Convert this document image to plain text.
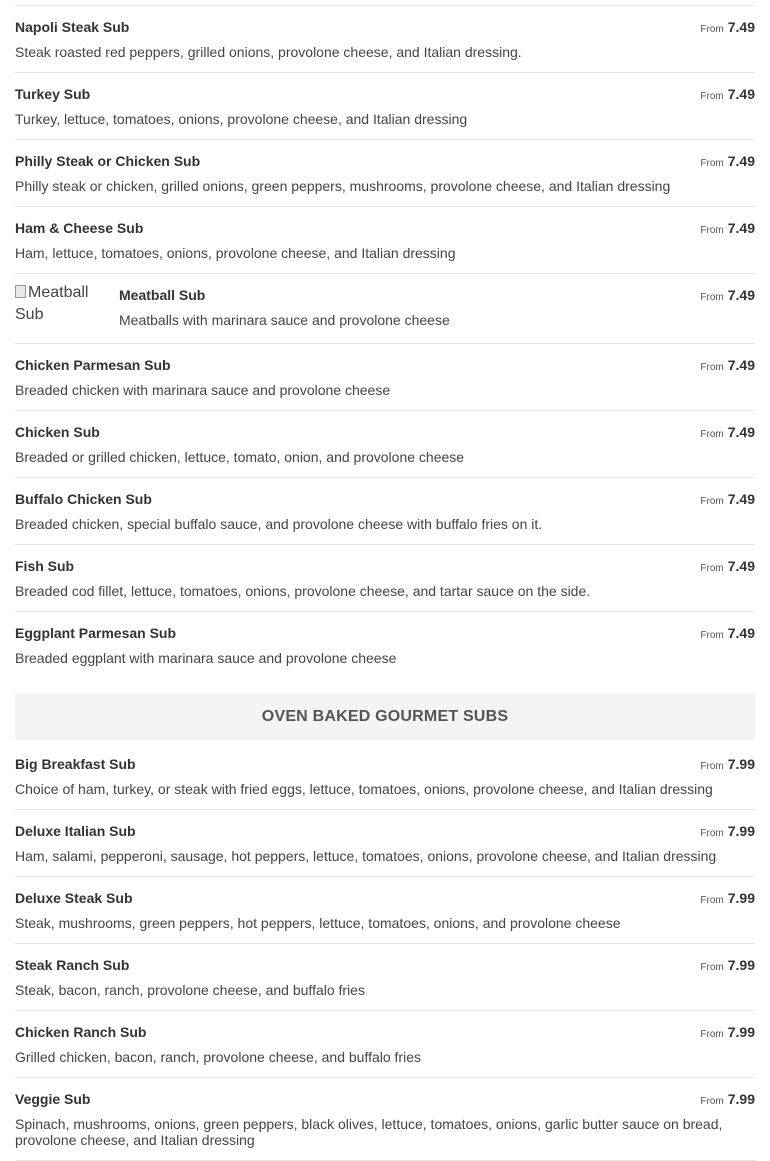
Napoli Steak Sub	From 7.49
Steak roasted red peppers, grilled onions, provolone cheese, and Italian dressing.
Turkey Sub	From 7.49
Turkey, lettuce, tomatoes, onions, provolone cheese, and Italian dressing
Philly Steak or Chicken Sub	From 7.49
Philly steak or chicken, grilled onions, green peppers, mushrooms, provolone cheese, and Italian dressing
Ham & Cheese Sub	From 7.49
Ham, lettuce, tomatoes, onions, provolone cheese, and Italian dressing
Meatball Sub
Meatball Sub	From 7.49
Meatballs with marinara sauce and provolone cheese
Chicken Parmesan Sub	From 7.49
Breaded chicken with marinara sauce and provolone cheese
Chicken Sub	From 7.49
Breaded or grilled chicken, lettuce, tomato, onion, and provolone cheese
Buffalo Chicken Sub	From 7.49
Breaded chicken, special buffalo sauce, and provolone cheese with buffalo fries on it.
Fish Sub	From 7.49
Breaded cod fillet, lettuce, tomatoes, onions, provolone cheese, and tartar sauce on the side.
Eggplant Parmesan Sub	From 7.49
Breaded eggplant with marinara sauce and provolone cheese
OVEN BAKED GOURMET SUBS
Big Breakfast Sub	From 7.99
Choice of ham, turkey, or steak with fried eggs, lettuce, tomatoes, onions, provolone cheese, and Italian dressing
Deluxe Italian Sub	From 7.99
Ham, salami, pepperoni, sausage, hot peppers, lettuce, tomatoes, onions, provolone cheese, and Italian dressing
Deluxe Steak Sub	From 7.99
Steak, mushrooms, green peppers, hot peppers, lettuce, tomatoes, onions, and provolone cheese
Steak Ranch Sub	From 7.99
Steak, bacon, ranch, provolone cheese, and buffalo fries
Chicken Ranch Sub	From 7.99
Grilled chicken, bacon, ranch, provolone cheese, and buffalo fries
Veggie Sub	From 7.99
Spinach, mushrooms, onions, green peppers, black olives, lettuce, tomatoes, onions, garlic butter sauce on bread, provolone cheese, and Italian dressing
